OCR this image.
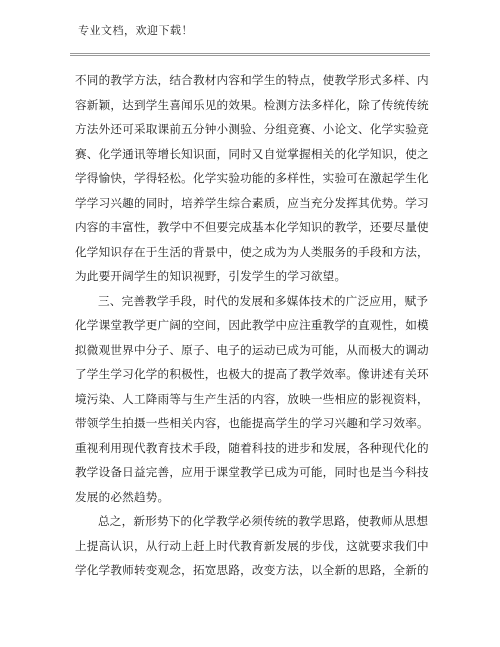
专业文档，欢迎下载！
不同的教学方法，结合教材内容和学生的特点，使教学形式多样、内
容新颖，达到学生喜闻乐见的效果。检测方法多样化，除了传统传统
方法外还可采取课前五分钟小测验、分组竞赛、小论文、化学实验竞
赛、化学通讯等增长知识面，同时又自觉掌握相关的化学知识，使之
学得愉快，学得轻松。化学实验功能的多样性，实验可在激起学生化
学学习兴趣的同时，培养学生综合素质，应当充分发挥其优势。学习
内容的丰富性，教学中不但要完成基本化学知识的教学，还要尽量使
化学知识存在于生活的背景中，使之成为为人类服务的手段和方法，
为此要开阔学生的知识视野，引发学生的学习欲望。
三、完善教学手段，时代的发展和多媒体技术的广泛应用，赋予
化学课堂教学更广阔的空间，因此教学中应注重教学的直观性，如模
拟微观世界中分子、原子、电子的运动已成为可能，从而极大的调动
了学生学习化学的积极性，也极大的提高了教学效率。像讲述有关环
境污染、人工降雨等与生产生活的内容，放映一些相应的影视资料，
带领学生拍摄一些相关内容，也能提高学生的学习兴趣和学习效率。
重视利用现代教育技术手段，随着科技的进步和发展，各种现代化的
教学设备日益完善，应用于课堂教学已成为可能，同时也是当今科技
发展的必然趋势。
总之，新形势下的化学教学必须传统的教学思路，使教师从思想
上提高认识，从行动上赶上时代教育新发展的步伐，这就要求我们中
学化学教师转变观念，拓宽思路，改变方法，以全新的思路，全新的
